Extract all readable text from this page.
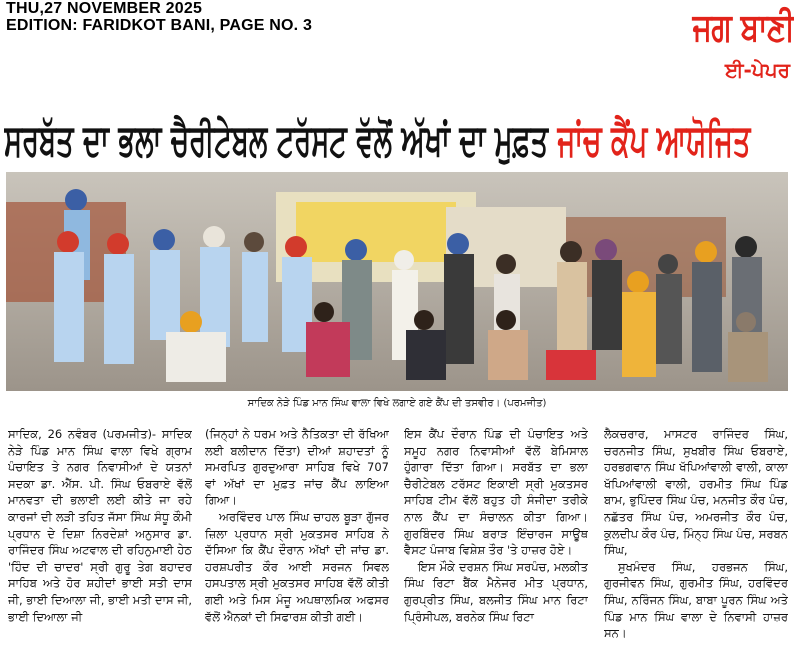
THU,27 NOVEMBER 2025
EDITION: FARIDKOT BANI, PAGE NO. 3	ਜਗ ਬਾਣੀ
ਈ-ਪੇਪਰ
ਸਰਬੱਤ ਦਾ ਭਲਾ ਚੈਰੀਟੇਬਲ ਟਰੱਸਟ ਵੱਲੋਂ ਅੱਖਾਂ ਦਾ ਮੁਫ਼ਤ ਜਾਂਚ ਕੈਂਪ ਆਯੋਜਿਤ
ਸਾਦਿਕ ਨੇੜੇ ਪਿੰਡ ਮਾਨ ਸਿੰਘ ਵਾਲਾ ਵਿਖੇ ਲਗਾਏ ਗਏ ਕੈਂਪ ਦੀ ਤਸਵੀਰ। (ਪਰਮਜੀਤ)

ਸਾਦਿਕ, 26 ਨਵੰਬਰ (ਪਰਮਜੀਤ)- ਸਾਦਿਕ ਨੇੜੇ ਪਿੰਡ ਮਾਨ ਸਿੰਘ ਵਾਲਾ ਵਿਖੇ ਗ੍ਰਾਮ ਪੰਚਾਇਤ ਤੇ ਨਗਰ ਨਿਵਾਸੀਆਂ ਦੇ ਯਤਨਾਂ ਸਦਕਾ ਡਾ. ਐੱਸ. ਪੀ. ਸਿੰਘ ਓਬਰਾਏ ਵੱਲੋਂ ਮਾਨਵਤਾ ਦੀ ਭਲਾਈ ਲਈ ਕੀਤੇ ਜਾ ਰਹੇ ਕਾਰਜਾਂ ਦੀ ਲੜੀ ਤਹਿਤ ਜੱਸਾ ਸਿੰਘ ਸੰਧੂ ਕੌਮੀ ਪ੍ਰਧਾਨ ਦੇ ਦਿਸ਼ਾ ਨਿਰਦੇਸ਼ਾਂ ਅਨੁਸਾਰ ਡਾ. ਰਾਜਿੰਦਰ ਸਿੰਘ ਅਟਵਾਲ ਦੀ ਰਹਿਨੁਮਾਈ ਹੇਠ 'ਹਿੰਦ ਦੀ ਚਾਦਰ' ਸ੍ਰੀ ਗੁਰੂ ਤੇਗ ਬਹਾਦਰ ਸਾਹਿਬ ਅਤੇ ਹੋਰ ਸ਼ਹੀਦਾਂ ਭਾਈ ਸਤੀ ਦਾਸ ਜੀ, ਭਾਈ ਦਿਆਲਾ ਜੀ, ਭਾਈ ਮਤੀ ਦਾਸ ਜੀ, ਭਾਈ ਦਿਆਲਾ ਜੀ

(ਜਿਨ੍ਹਾਂ ਨੇ ਧਰਮ ਅਤੇ ਨੈਤਿਕਤਾ ਦੀ ਰੱਖਿਆ ਲਈ ਬਲੀਦਾਨ ਦਿੱਤਾ) ਦੀਆਂ ਸ਼ਹਾਦਤਾਂ ਨੂੰ ਸਮਰਪਿਤ ਗੁਰਦੁਆਰਾ ਸਾਹਿਬ ਵਿਖੇ 707 ਵਾਂ ਅੱਖਾਂ ਦਾ ਮੁਫ਼ਤ ਜਾਂਚ ਕੈਂਪ ਲਾਇਆ ਗਿਆ।

ਅਰਵਿੰਦਰ ਪਾਲ ਸਿੰਘ ਚਾਹਲ ਬੂੜਾ ਗੁੱਜਰ ਜ਼ਿਲਾ ਪ੍ਰਧਾਨ ਸ੍ਰੀ ਮੁਕਤਸਰ ਸਾਹਿਬ ਨੇ ਦੱਸਿਆ ਕਿ ਕੈਂਪ ਦੌਰਾਨ ਅੱਖਾਂ ਦੀ ਜਾਂਚ ਡਾ. ਹਰਸ਼ਪਰੀਤ ਕੌਰ ਆਈ ਸਰਜਨ ਸਿਵਲ ਹਸਪਤਾਲ ਸ੍ਰੀ ਮੁਕਤਸਰ ਸਾਹਿਬ ਵੱਲੋਂ ਕੀਤੀ ਗਈ ਅਤੇ ਮਿਸ ਮੰਜੂ ਅਪਥਾਲਮਿਕ ਅਫਸਰ ਵੱਲੋਂ ਐਨਕਾਂ ਦੀ ਸਿਫਾਰਸ਼ ਕੀਤੀ ਗਈ।

ਇਸ ਕੈਂਪ ਦੌਰਾਨ ਪਿੰਡ ਦੀ ਪੰਚਾਇਤ ਅਤੇ ਸਮੂਹ ਨਗਰ ਨਿਵਾਸੀਆਂ ਵੱਲੋਂ ਬੇਮਿਸਾਲ ਹੁੰਗਾਰਾ ਦਿੱਤਾ ਗਿਆ। ਸਰਬੱਤ ਦਾ ਭਲਾ ਚੈਰੀਟੇਬਲ ਟਰੱਸਟ ਇਕਾਈ ਸ੍ਰੀ ਮੁਕਤਸਰ ਸਾਹਿਬ ਟੀਮ ਵੱਲੋਂ ਬਹੁਤ ਹੀ ਸੰਜੀਦਾ ਤਰੀਕੇ ਨਾਲ ਕੈਂਪ ਦਾ ਸੰਚਾਲਨ ਕੀਤਾ ਗਿਆ। ਗੁਰਬਿੰਦਰ ਸਿੰਘ ਬਰਾੜ ਇੰਚਾਰਜ ਸਾਊਥ ਵੈਸਟ ਪੰਜਾਬ ਵਿਸ਼ੇਸ਼ ਤੌਰ 'ਤੇ ਹਾਜ਼ਰ ਹੋਏ।

ਇਸ ਮੌਕੇ ਦਰਸ਼ਨ ਸਿੰਘ ਸਰਪੰਚ, ਮਲਕੀਤ ਸਿੰਘ ਰਿਟਾ ਬੈਂਕ ਮੈਨੇਜਰ ਮੀਤ ਪ੍ਰਧਾਨ, ਗੁਰਪ੍ਰੀਤ ਸਿੰਘ, ਬਲਜੀਤ ਸਿੰਘ ਮਾਨ ਰਿਟਾ ਪ੍ਰਿੰਸੀਪਲ, ਬਰਨੇਕ ਸਿੰਘ ਰਿਟਾ

ਲੈਕਚਰਾਰ, ਮਾਸਟਰ ਰਾਜਿੰਦਰ ਸਿੰਘ, ਚਰਨਜੀਤ ਸਿੰਘ, ਸੁਖਬੀਰ ਸਿੰਘ ਓਬਰਾਏ, ਹਰਭਗਵਾਨ ਸਿੰਘ ਖੱਪਿਆਂਵਾਲੀ ਵਾਲੀ, ਕਾਲਾ ਖੱਪਿਆਂਵਾਲੀ ਵਾਲੀ, ਹਰਮੀਤ ਸਿੰਘ ਪਿੰਡ ਬਾਮ, ਭੁਪਿੰਦਰ ਸਿੰਘ ਪੰਚ, ਮਨਜੀਤ ਕੌਰ ਪੰਚ, ਨਛੱਤਰ ਸਿੰਘ ਪੰਚ, ਅਮਰਜੀਤ ਕੌਰ ਪੰਚ, ਕੁਲਦੀਪ ਕੌਰ ਪੰਚ, ਮਿੰਨ੍ਹ ਸਿੰਘ ਪੰਚ, ਸਰਬਨ ਸਿੰਘ,

ਸੁਖਮੰਦਰ ਸਿੰਘ, ਹਰਭਜਨ ਸਿੰਘ, ਗੁਰਜੀਵਨ ਸਿੰਘ, ਗੁਰਮੀਤ ਸਿੰਘ, ਹਰਵਿੰਦਰ ਸਿੰਘ, ਨਰਿੰਜਨ ਸਿੰਘ, ਬਾਬਾ ਪੂਰਨ ਸਿੰਘ ਅਤੇ ਪਿੰਡ ਮਾਨ ਸਿੰਘ ਵਾਲਾ ਦੇ ਨਿਵਾਸੀ ਹਾਜ਼ਰ ਸਨ।
